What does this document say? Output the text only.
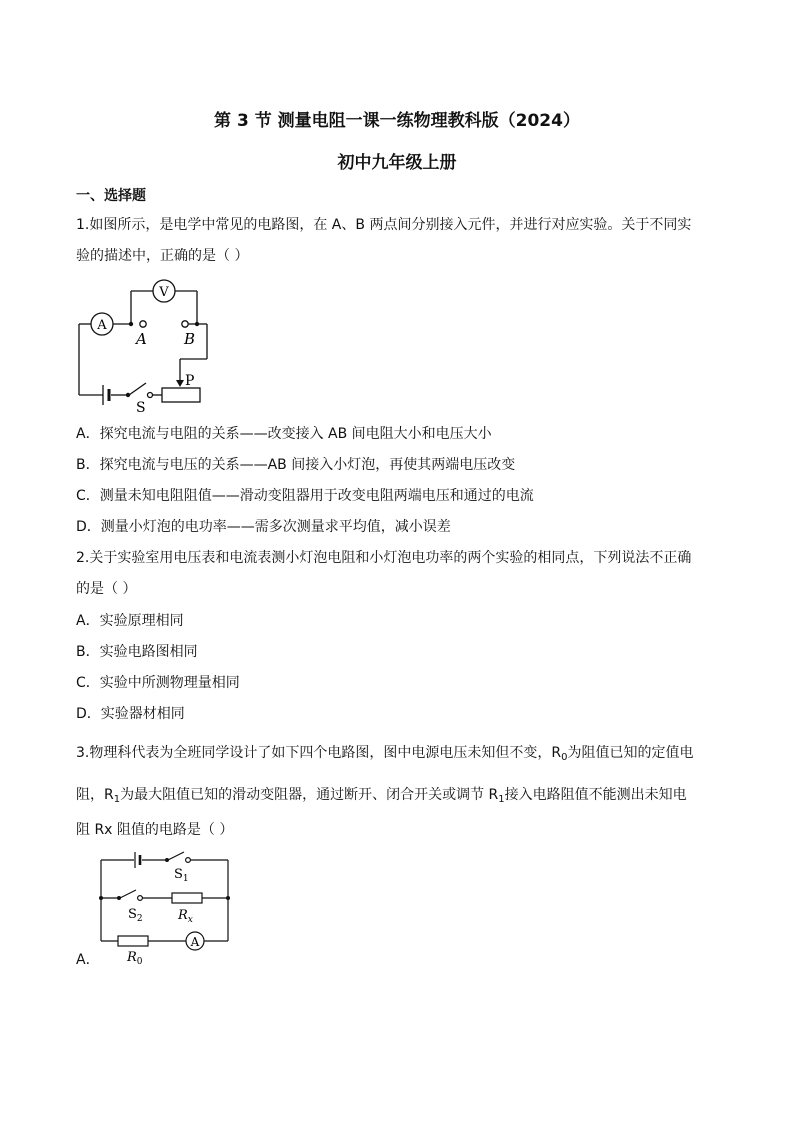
第 3 节 测量电阻一课一练物理教科版（2024）
初中九年级上册
一、选择题
1.如图所示，是电学中常见的电路图，在 A、B 两点间分别接入元件，并进行对应实验。关于不同实
验的描述中，正确的是（ ）
A
V
A B
P
S
A．探究电流与电阻的关系——改变接入 AB 间电阻大小和电压大小
B．探究电流与电压的关系——AB 间接入小灯泡，再使其两端电压改变
C．测量未知电阻阻值——滑动变阻器用于改变电阻两端电压和通过的电流
D．测量小灯泡的电功率——需多次测量求平均值，减小误差
2.关于实验室用电压表和电流表测小灯泡电阻和小灯泡电功率的两个实验的相同点，下列说法不正确
的是（ ）
A．实验原理相同
B．实验电路图相同
C．实验中所测物理量相同
D．实验器材相同
3.物理科代表为全班同学设计了如下四个电路图，图中电源电压未知但不变，$R_0$为阻值已知的定值电
阻，$R_1$为最大阻值已知的滑动变阻器，通过断开、闭合开关或调节 $R_1$接入电路阻值不能测出未知电
阻 Rx 阻值的电路是（ ）
$S_1$
$S_2$	$R_x$
$R_0$
A
A．
